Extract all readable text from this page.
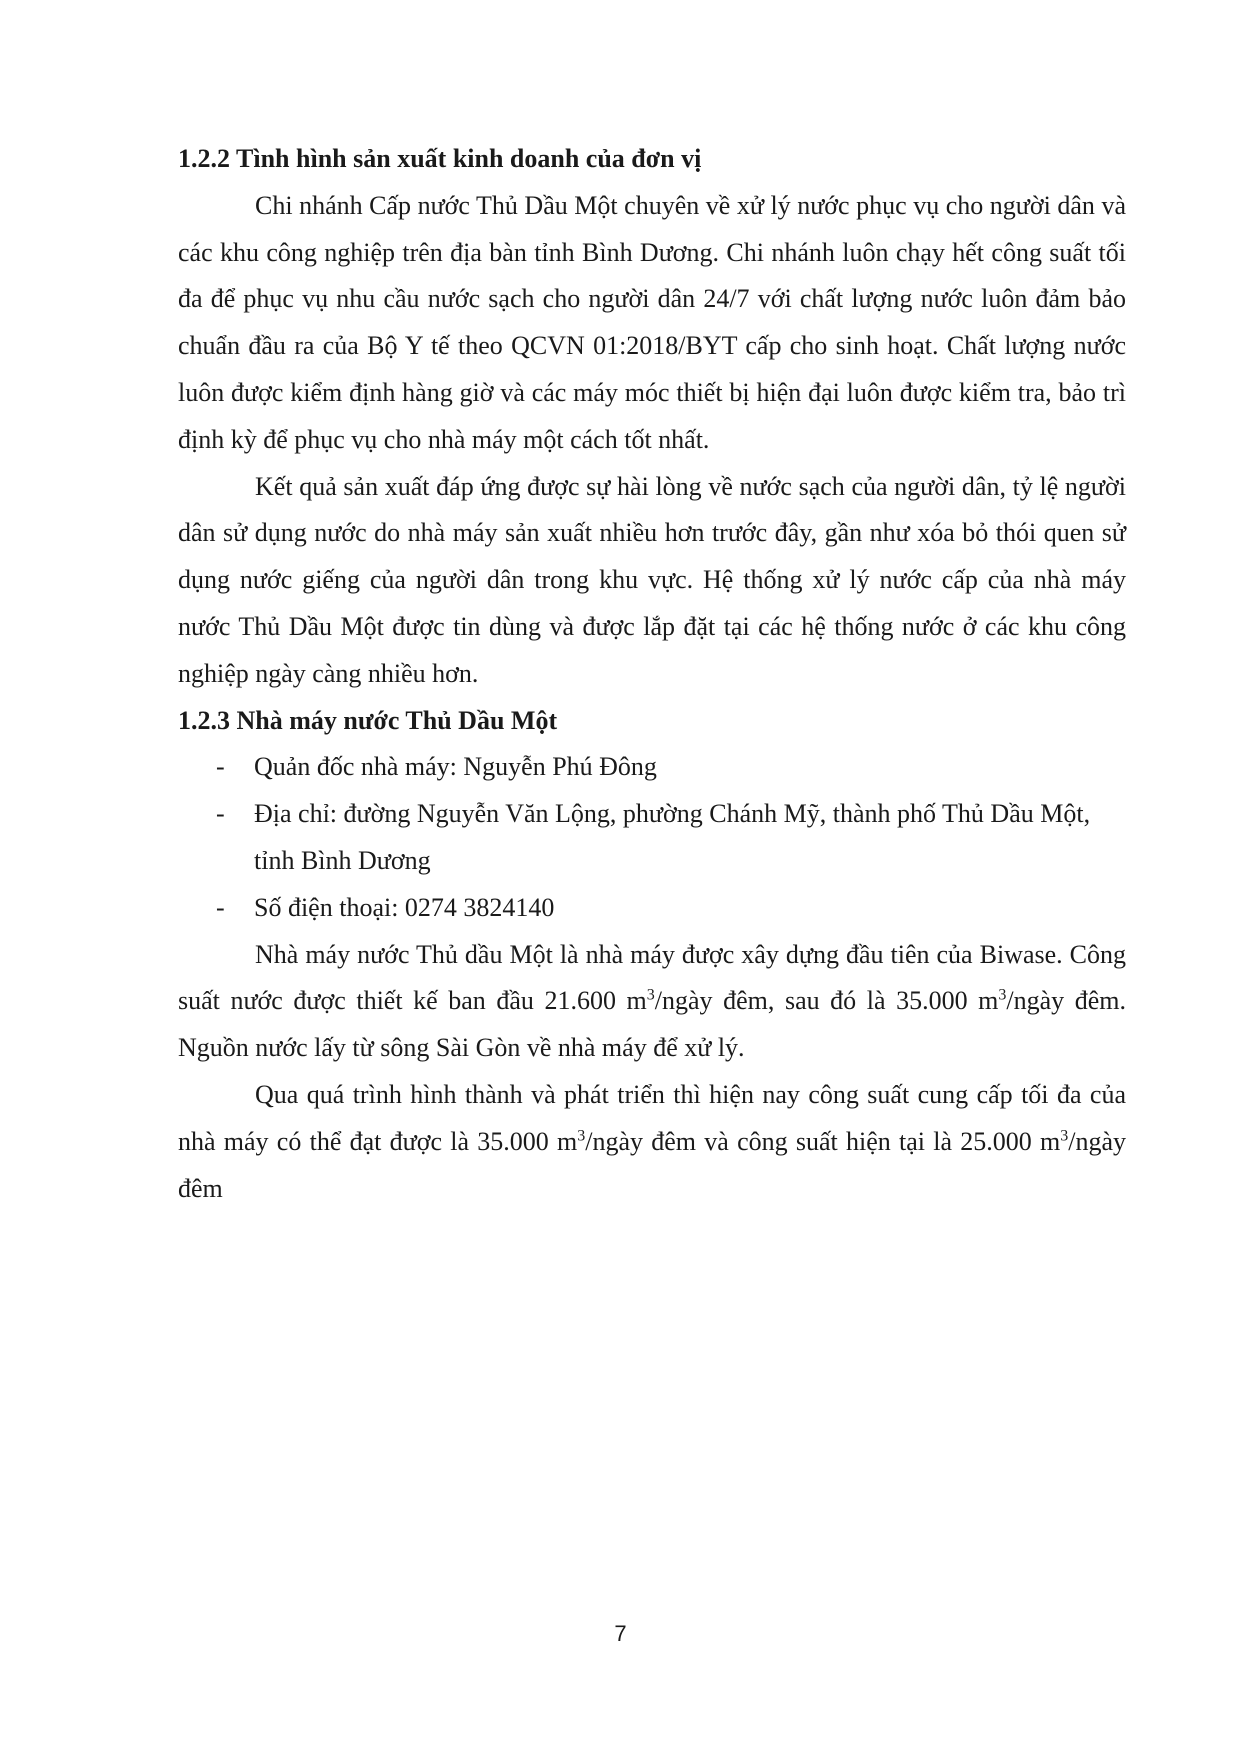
1.2.2 Tình hình sản xuất kinh doanh của đơn vị

Chi nhánh Cấp nước Thủ Dầu Một chuyên về xử lý nước phục vụ cho người dân và các khu công nghiệp trên địa bàn tỉnh Bình Dương. Chi nhánh luôn chạy hết công suất tối đa để phục vụ nhu cầu nước sạch cho người dân 24/7 với chất lượng nước luôn đảm bảo chuẩn đầu ra của Bộ Y tế theo QCVN 01:2018/BYT cấp cho sinh hoạt. Chất lượng nước luôn được kiểm định hàng giờ và các máy móc thiết bị hiện đại luôn được kiểm tra, bảo trì định kỳ để phục vụ cho nhà máy một cách tốt nhất.

Kết quả sản xuất đáp ứng được sự hài lòng về nước sạch của người dân, tỷ lệ người dân sử dụng nước do nhà máy sản xuất nhiều hơn trước đây, gần như xóa bỏ thói quen sử dụng nước giếng của người dân trong khu vực. Hệ thống xử lý nước cấp của nhà máy nước Thủ Dầu Một được tin dùng và được lắp đặt tại các hệ thống nước ở các khu công nghiệp ngày càng nhiều hơn.

1.2.3 Nhà máy nước Thủ Dầu Một

- Quản đốc nhà máy: Nguyễn Phú Đông

- Địa chỉ: đường Nguyễn Văn Lộng, phường Chánh Mỹ, thành phố Thủ Dầu Một, tỉnh Bình Dương

- Số điện thoại: 0274 3824140

Nhà máy nước Thủ dầu Một là nhà máy được xây dựng đầu tiên của Biwase. Công suất nước được thiết kế ban đầu 21.600 $m^3$/ngày đêm, sau đó là 35.000 $m^3$/ngày đêm. Nguồn nước lấy từ sông Sài Gòn về nhà máy để xử lý.

Qua quá trình hình thành và phát triển thì hiện nay công suất cung cấp tối đa của nhà máy có thể đạt được là 35.000 $m^3$/ngày đêm và công suất hiện tại là 25.000 $m^3$/ngày đêm

7
